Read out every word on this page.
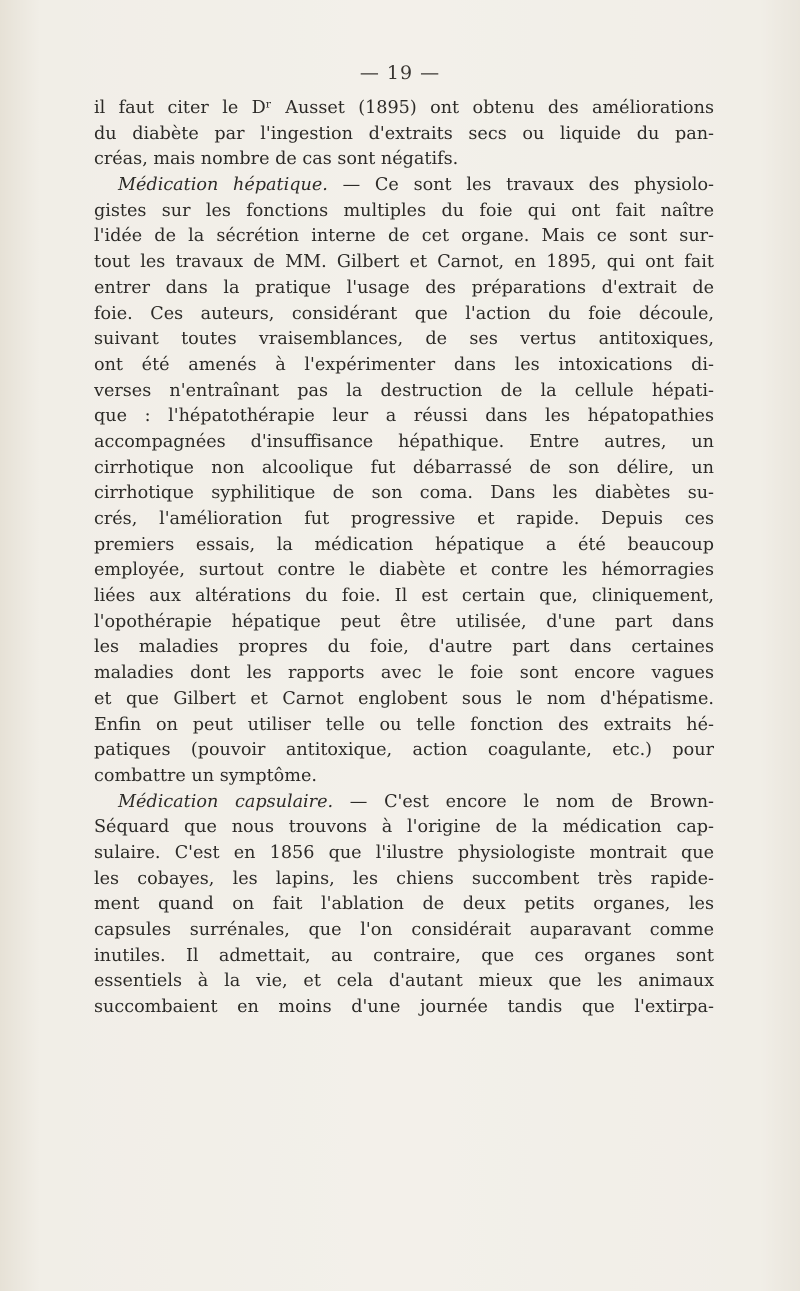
— 19 —
il faut citer le Dʳ Ausset (1895) ont obtenu des améliorations
du diabète par l'ingestion d'extraits secs ou liquide du pan-
créas, mais nombre de cas sont négatifs.
Médication hépatique. — Ce sont les travaux des physiolo-
gistes sur les fonctions multiples du foie qui ont fait naître
l'idée de la sécrétion interne de cet organe. Mais ce sont sur-
tout les travaux de MM. Gilbert et Carnot, en 1895, qui ont fait
entrer dans la pratique l'usage des préparations d'extrait de
foie. Ces auteurs, considérant que l'action du foie découle,
suivant toutes vraisemblances, de ses vertus antitoxiques,
ont été amenés à l'expérimenter dans les intoxications di-
verses n'entraînant pas la destruction de la cellule hépati-
que : l'hépatothérapie leur a réussi dans les hépatopathies
accompagnées d'insuffisance hépathique. Entre autres, un
cirrhotique non alcoolique fut débarrassé de son délire, un
cirrhotique syphilitique de son coma. Dans les diabètes su-
crés, l'amélioration fut progressive et rapide. Depuis ces
premiers essais, la médication hépatique a été beaucoup
employée, surtout contre le diabète et contre les hémorragies
liées aux altérations du foie. Il est certain que, cliniquement,
l'opothérapie hépatique peut être utilisée, d'une part dans
les maladies propres du foie, d'autre part dans certaines
maladies dont les rapports avec le foie sont encore vagues
et que Gilbert et Carnot englobent sous le nom d'hépatisme.
Enfin on peut utiliser telle ou telle fonction des extraits hé-
patiques (pouvoir antitoxique, action coagulante, etc.) pour
combattre un symptôme.
Médication capsulaire. — C'est encore le nom de Brown-
Séquard que nous trouvons à l'origine de la médication cap-
sulaire. C'est en 1856 que l'ilustre physiologiste montrait que
les cobayes, les lapins, les chiens succombent très rapide-
ment quand on fait l'ablation de deux petits organes, les
capsules surrénales, que l'on considérait auparavant comme
inutiles. Il admettait, au contraire, que ces organes sont
essentiels à la vie, et cela d'autant mieux que les animaux
succombaient en moins d'une journée tandis que l'extirpa-
